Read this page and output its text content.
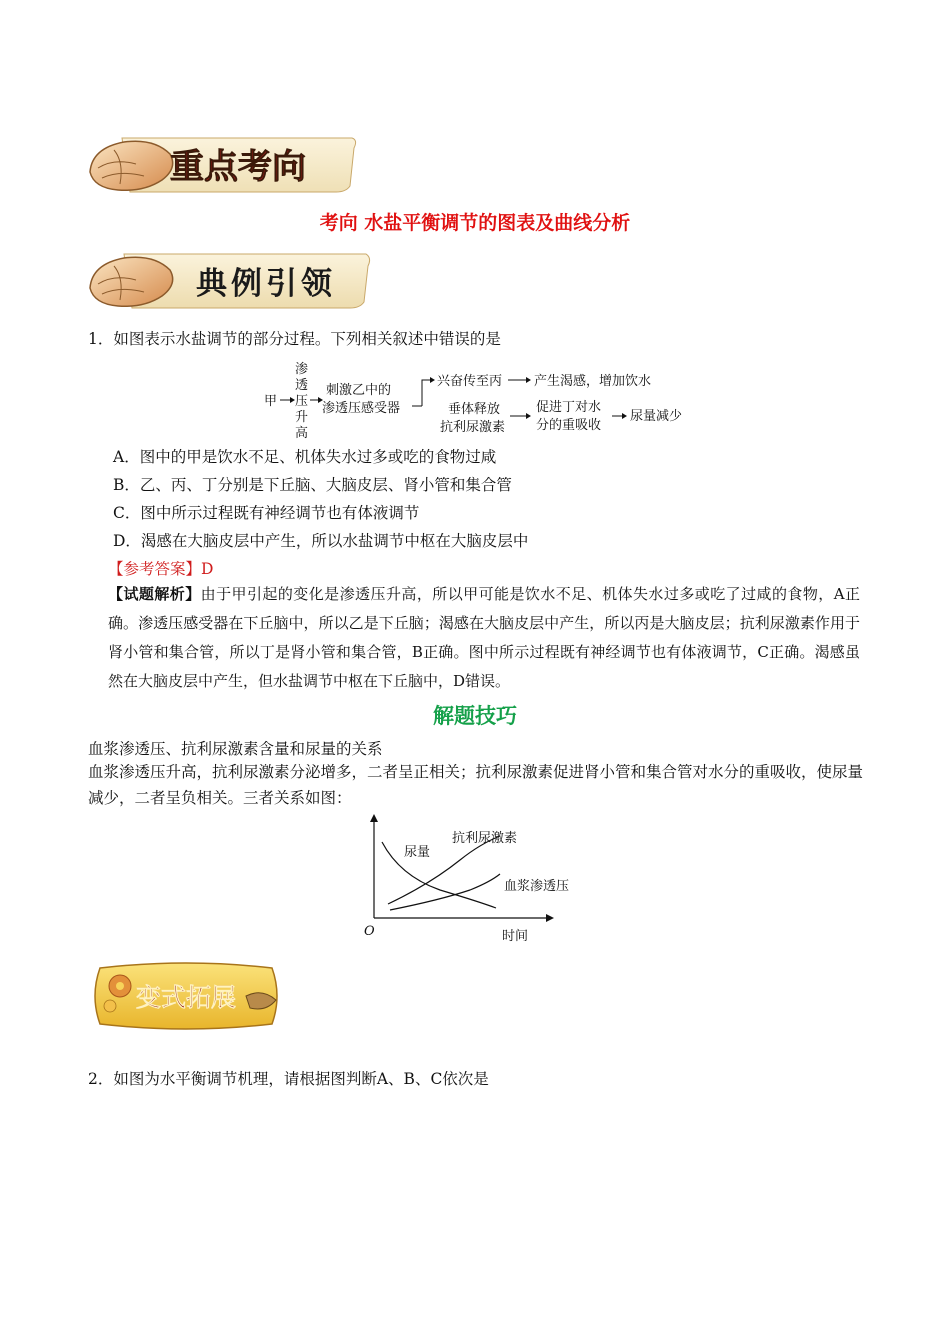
重点考向
考向 水盐平衡调节的图表及曲线分析
典例引领
1．如图表示水盐调节的部分过程。下列相关叙述中错误的是
甲
渗
透
压
升
高
刺激乙中的
渗透压感受器
兴奋传至丙 产生渴感，增加饮水
垂体释放
抗利尿激素
促进丁对水
分的重吸收
尿量减少
A．图中的甲是饮水不足、机体失水过多或吃的食物过咸
B．乙、丙、丁分别是下丘脑、大脑皮层、肾小管和集合管
C．图中所示过程既有神经调节也有体液调节
D．渴感在大脑皮层中产生，所以水盐调节中枢在大脑皮层中
【参考答案】D
【试题解析】由于甲引起的变化是渗透压升高，所以甲可能是饮水不足、机体失水过多或吃了过咸的食物，A正确。渗透压感受器在下丘脑中，所以乙是下丘脑；渴感在大脑皮层中产生，所以丙是大脑皮层；抗利尿激素作用于肾小管和集合管，所以丁是肾小管和集合管，B正确。图中所示过程既有神经调节也有体液调节，C正确。渴感虽然在大脑皮层中产生，但水盐调节中枢在下丘脑中，D错误。
解题技巧
血浆渗透压、抗利尿激素含量和尿量的关系
血浆渗透压升高，抗利尿激素分泌增多，二者呈正相关；抗利尿激素促进肾小管和集合管对水分的重吸收，使尿量减少，二者呈负相关。三者关系如图：
尿量
抗利尿激素
血浆渗透压
O	时间
变式拓展
2．如图为水平衡调节机理，请根据图判断A、B、C依次是
